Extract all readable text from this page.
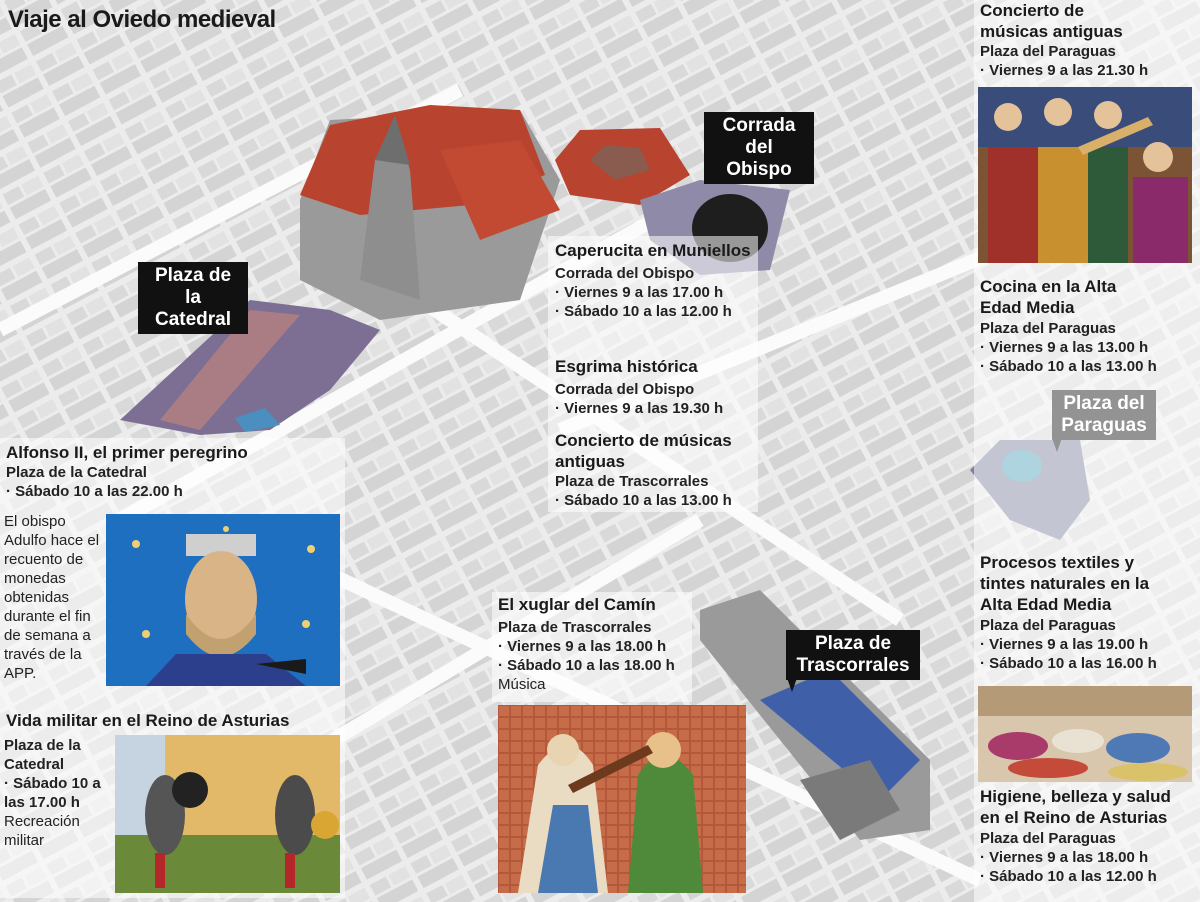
Viaje al Oviedo medieval
Plaza de la Catedral
Corrada del Obispo
Plaza de Trascorrales
Alfonso II, el primer peregrino
Plaza de la Catedral
· Sábado 10 a las 22.00 h
El obispo Adulfo hace el recuento de monedas obtenidas durante el fin de semana a través de la APP.
Vida militar en el Reino de Asturias
Plaza de la Catedral
· Sábado 10 a las 17.00 h
Recreación militar
Caperucita en Muniellos
Corrada del Obispo
· Viernes 9 a las 17.00 h
· Sábado 10 a las 12.00 h
Esgrima histórica
Corrada del Obispo
· Viernes 9 a las 19.30 h
Concierto de músicas antiguas
Plaza de Trascorrales
· Sábado 10 a las 13.00 h
El xuglar del Camín
Plaza de Trascorrales
· Viernes 9 a las 18.00 h
· Sábado 10 a las 18.00 h
Música
Concierto de músicas antiguas
Plaza del Paraguas
· Viernes 9 a las 21.30 h
Cocina en la Alta Edad Media
Plaza del Paraguas
· Viernes 9 a las 13.00 h
· Sábado 10 a las 13.00 h
Procesos textiles y tintes naturales en la Alta Edad Media
Plaza del Paraguas
· Viernes 9 a las 19.00 h
· Sábado 10 a las 16.00 h
Higiene, belleza y salud en el Reino de Asturias
Plaza del Paraguas
· Viernes 9 a las 18.00 h
· Sábado 10 a las 12.00 h
